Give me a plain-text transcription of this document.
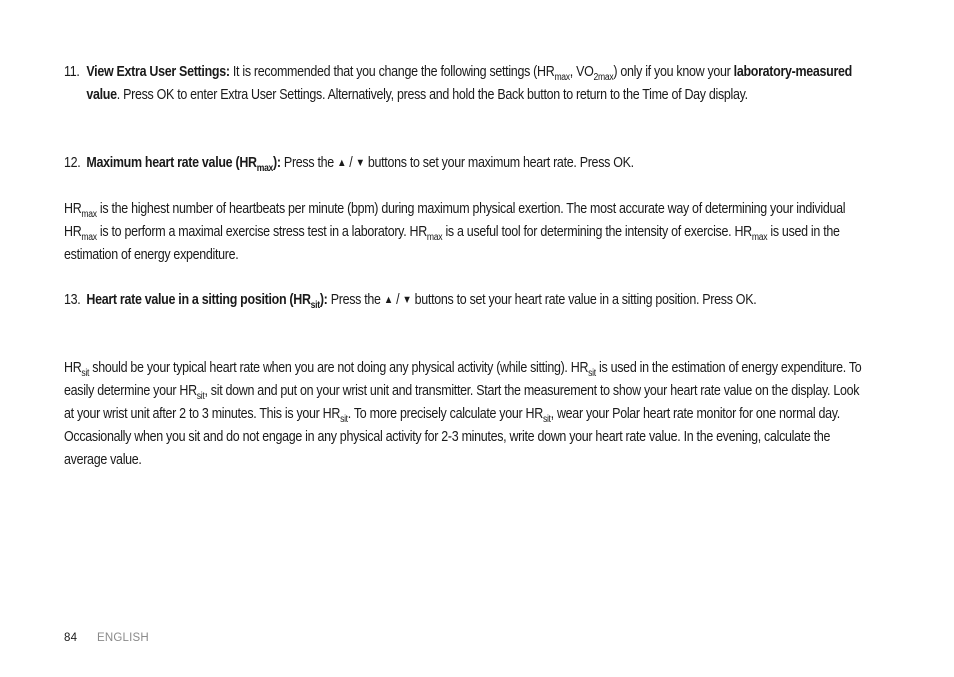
11. View Extra User Settings: It is recommended that you change the following settings ($HR_{max}$, $VO_{2max}$) only if you know your laboratory-measured value. Press OK to enter Extra User Settings. Alternatively, press and hold the Back button to return to the Time of Day display.
12. Maximum heart rate value $(HR_{max})$: Press the ▲ / ▼ buttons to set your maximum heart rate. Press OK.
$HR_{max}$ is the highest number of heartbeats per minute (bpm) during maximum physical exertion. The most accurate way of determining your individual $HR_{max}$ is to perform a maximal exercise stress test in a laboratory. $HR_{max}$ is a useful tool for determining the intensity of exercise. $HR_{max}$ is used in the estimation of energy expenditure.
13. Heart rate value in a sitting position $(HR_{sit})$: Press the ▲ / ▼ buttons to set your heart rate value in a sitting position. Press OK.
$HR_{sit}$ should be your typical heart rate when you are not doing any physical activity (while sitting). $HR_{sit}$ is used in the estimation of energy expenditure. To easily determine your $HR_{sit}$, sit down and put on your wrist unit and transmitter. Start the measurement to show your heart rate value on the display. Look at your wrist unit after 2 to 3 minutes. This is your $HR_{sit}$. To more precisely calculate your $HR_{sit}$, wear your Polar heart rate monitor for one normal day. Occasionally when you sit and do not engage in any physical activity for 2-3 minutes, write down your heart rate value. In the evening, calculate the average value.
84 ENGLISH
